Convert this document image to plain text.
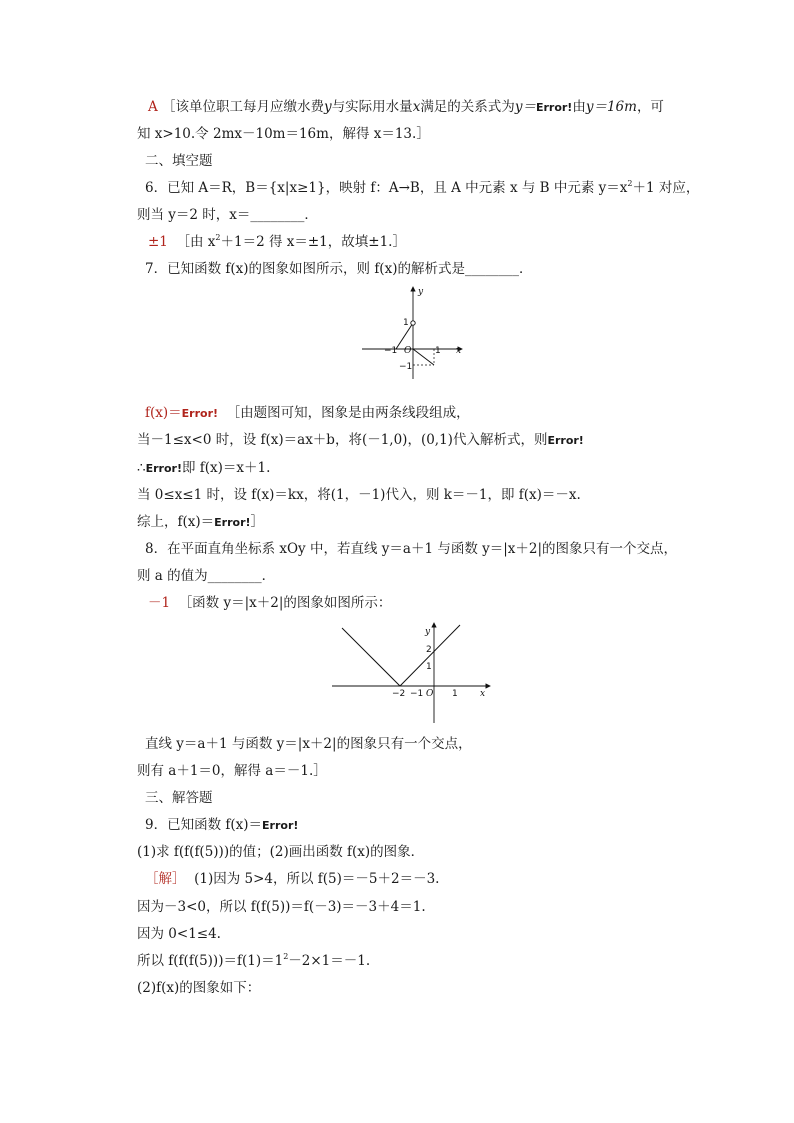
A ［该单位职工每月应缴水费y与实际用水量x满足的关系式为y＝Error!由y＝16m，可
知 x>10.令 2mx－10m＝16m，解得 x＝13.］
二、填空题
6．已知 A＝R，B＝{x|x≥1}，映射 f：A→B，且 A 中元素 x 与 B 中元素 $y=x^2+1$ 对应，
则当 y＝2 时，x＝________．
±1 ［由 $x^2+1=2$ 得 x＝±1，故填±1.］
7．已知函数 f(x)的图象如图所示，则 f(x)的解析式是________．
y
x
1
−1 O	1
−1
f(x)＝Error! ［由题图可知，图象是由两条线段组成，
当－1≤x<0 时，设 f(x)＝ax＋b，将(－1,0)，(0,1)代入解析式，则Error!
∴Error!即 f(x)＝x＋1.
当 0≤x≤1 时，设 f(x)＝kx，将(1，－1)代入，则 k＝－1，即 f(x)＝－x.
综上，f(x)＝Error!］
8．在平面直角坐标系 xOy 中，若直线 y＝a＋1 与函数 y＝|x＋2|的图象只有一个交点，
则 a 的值为________．
－1 ［函数 y＝|x＋2|的图象如图所示：
y
x
2
1
−2 −1 O 1
直线 y＝a＋1 与函数 y＝|x＋2|的图象只有一个交点，
则有 a＋1＝0，解得 a＝－1.］
三、解答题
9．已知函数 f(x)＝Error!
(1)求 f(f(f(5)))的值；(2)画出函数 f(x)的图象．
［解］ (1)因为 5>4，所以 f(5)＝－5＋2＝－3.
因为－3<0，所以 f(f(5))＝f(－3)＝－3＋4＝1.
因为 0<1≤4.
所以 $f(f(f(5)))=f(1)=1^2-2\times 1=-1$.
(2)f(x)的图象如下：
